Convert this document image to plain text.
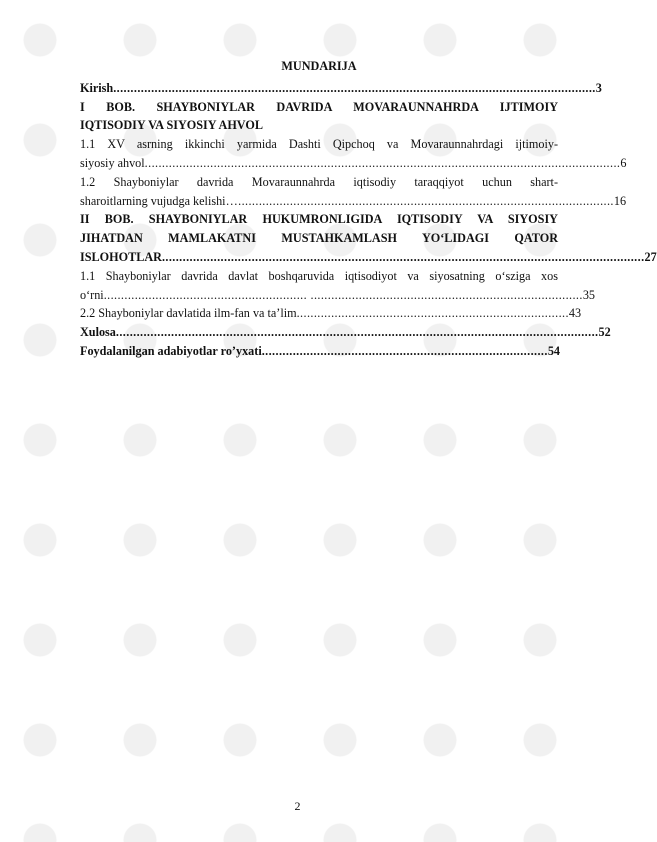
MUNDARIJA
Kirish ............................................................................................................................................ 3
I BOB. SHAYBONIYLAR DAVRIDA MOVARAUNNAHRDA IJTIMOIY
IQTISODIY VA SIYOSIY AHVOL
1.1 XV asrning ikkinchi yarmida Dashti Qipchoq va Movaraunnahrdagi ijtimoiy-
siyosiy ahvol .......................................................................................................................................... 6
1.2 Shayboniylar davrida Movaraunnahrda iqtisodiy taraqqiyot uchun shart-
sharoitlarning vujudga kelishi …............................................................................................................. 16
II BOB. SHAYBONIYLAR HUKUMRONLIGIDA IQTISODIY VA SIYOSIY
JIHATDAN MAMLAKATNI MUSTAHKAMLASH YO‘LIDAGI QATOR
ISLOHOTLAR ............................................................................................................................................ 27
1.1 Shayboniylar davrida davlat boshqaruvida iqtisodiyot va siyosatning o‘sziga xos
o‘rni ........................................................... ............................................................................... 35
2.2 Shayboniylar davlatida ilm-fan va ta’lim ............................................................................... 43
Xulosa ............................................................................................................................................ 52
Foydalanilgan adabiyotlar ro’yxati ................................................................................... 54
2
